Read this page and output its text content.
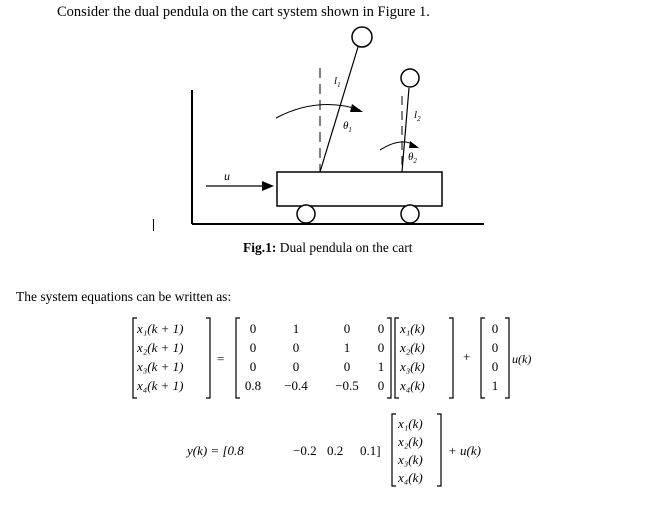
Consider the dual pendula on the cart system shown in Figure 1.
u
$l_1$
$\theta_1$
$l_2$
$\theta_2$
Fig.1: Dual pendula on the cart
The system equations can be written as:
x₁(k + 1)
x₂(k + 1)
x₃(k + 1)
x₄(k + 1)
=
0	1	0 0
0	0	1 0
0	0	0 1
0.8 −0.4 −0.5 0
x₁(k)
x₂(k)
x₃(k)
x₄(k)
+
0
0
0
1
u(k)
y(k) = [0.8	−0.2 0.2 0.1]
x₁(k)
x₂(k)
x₃(k)
x₄(k)
+ u(k)
